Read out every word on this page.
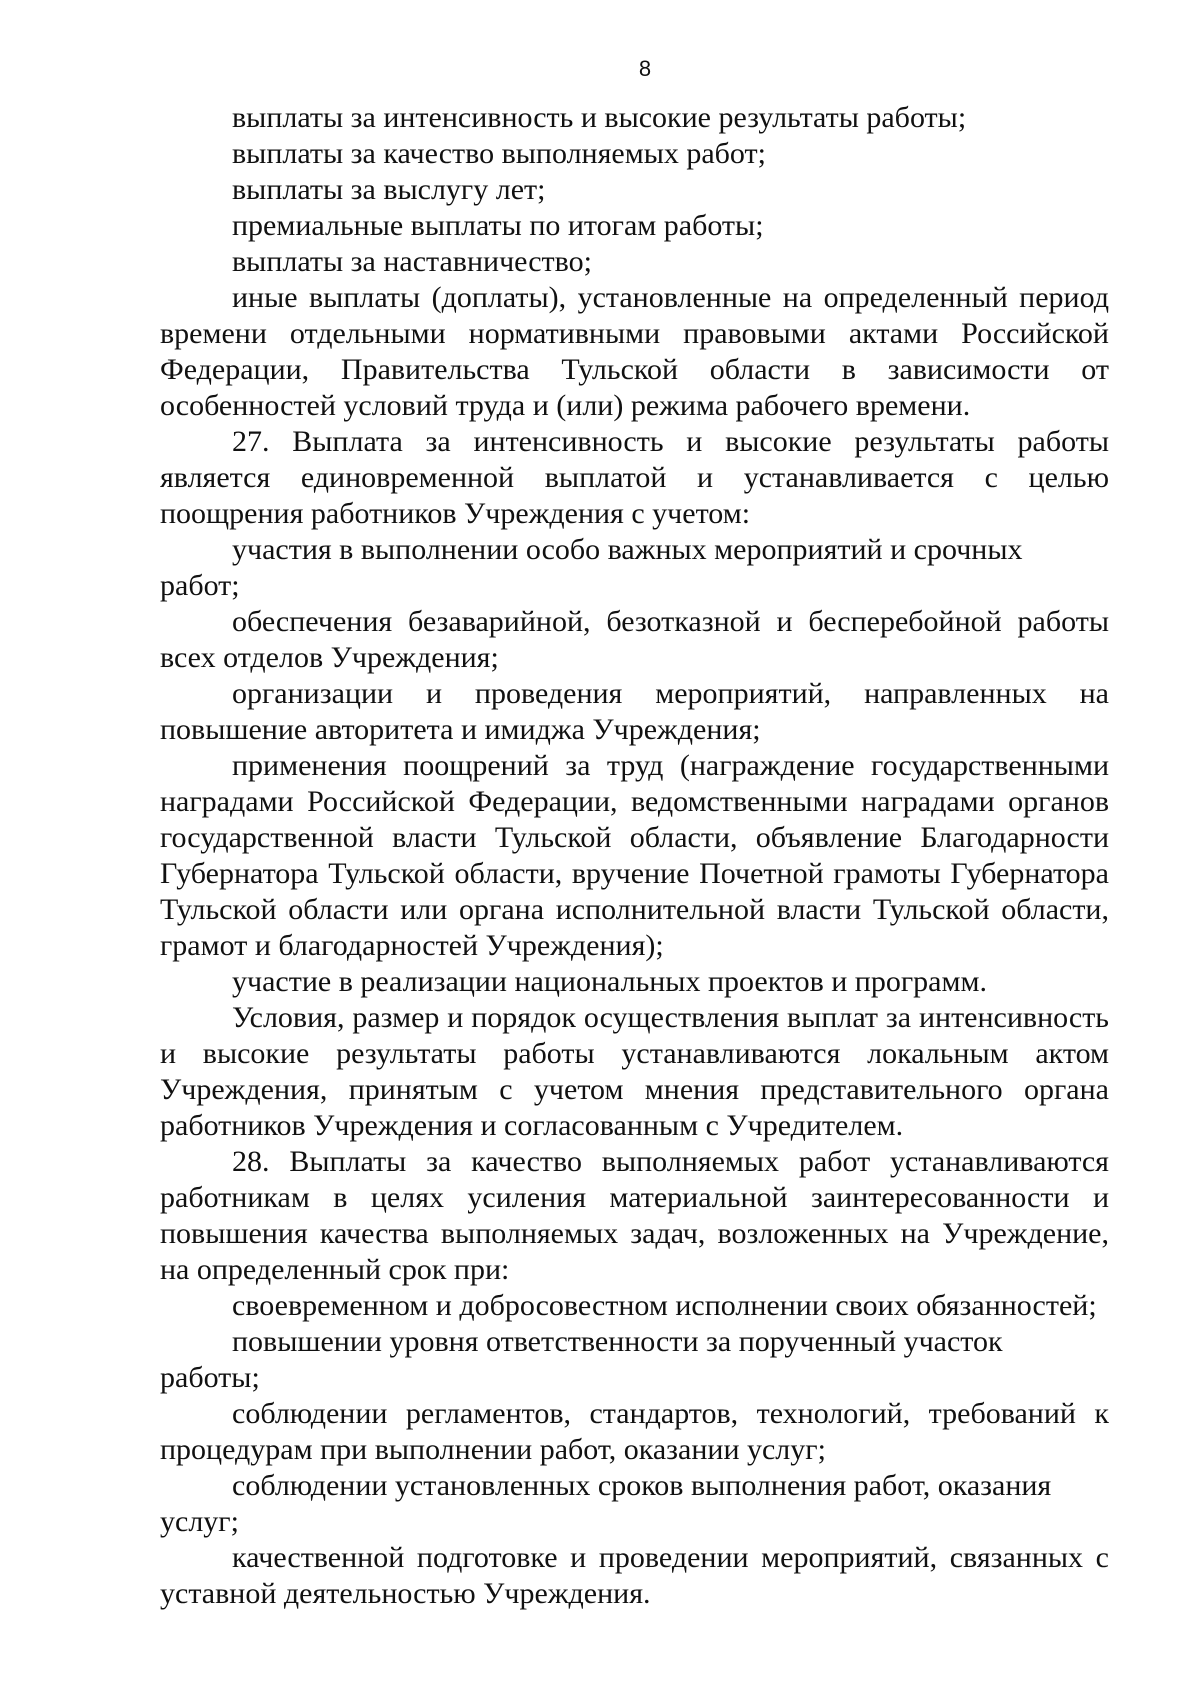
8

выплаты за интенсивность и высокие результаты работы;

выплаты за качество выполняемых работ;

выплаты за выслугу лет;

премиальные выплаты по итогам работы;

выплаты за наставничество;

иные выплаты (доплаты), установленные на определенный период времени отдельными нормативными правовыми актами Российской Федерации, Правительства Тульской области в зависимости от особенностей условий труда и (или) режима рабочего времени.

27. Выплата за интенсивность и высокие результаты работы является единовременной выплатой и устанавливается с целью поощрения работников Учреждения с учетом:

участия в выполнении особо важных мероприятий и срочных работ;

обеспечения безаварийной, безотказной и бесперебойной работы всех отделов Учреждения;

организации и проведения мероприятий, направленных на повышение авторитета и имиджа Учреждения;

применения поощрений за труд (награждение государственными наградами Российской Федерации, ведомственными наградами органов государственной власти Тульской области, объявление Благодарности Губернатора Тульской области, вручение Почетной грамоты Губернатора Тульской области или органа исполнительной власти Тульской области, грамот и благодарностей Учреждения);

участие в реализации национальных проектов и программ.

Условия, размер и порядок осуществления выплат за интенсивность и высокие результаты работы устанавливаются локальным актом Учреждения, принятым с учетом мнения представительного органа работников Учреждения и согласованным с Учредителем.

28. Выплаты за качество выполняемых работ устанавливаются работникам в целях усиления материальной заинтересованности и повышения качества выполняемых задач, возложенных на Учреждение, на определенный срок при:

своевременном и добросовестном исполнении своих обязанностей;

повышении уровня ответственности за порученный участок работы;

соблюдении регламентов, стандартов, технологий, требований к процедурам при выполнении работ, оказании услуг;

соблюдении установленных сроков выполнения работ, оказания услуг;

качественной подготовке и проведении мероприятий, связанных с уставной деятельностью Учреждения.
